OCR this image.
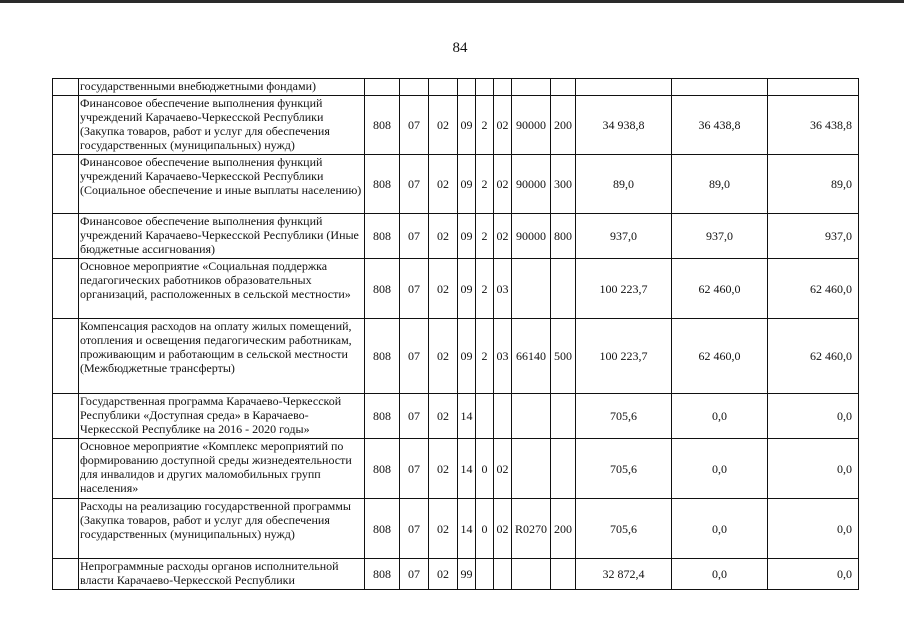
84
	государственными внебюджетными фондами)											
	Финансовое обеспечение выполнения функций учреждений Карачаево-Черкесской Республики (Закупка товаров, работ и услуг для обеспечения государственных (муниципальных) нужд)	808	07	02	09	2	02	90000	200	34 938,8	36 438,8	36 438,8
	Финансовое обеспечение выполнения функций учреждений Карачаево-Черкесской Республики (Социальное обеспечение и иные выплаты населению)	808	07	02	09	2	02	90000	300	89,0	89,0	89,0
	Финансовое обеспечение выполнения функций учреждений Карачаево-Черкесской Республики (Иные бюджетные ассигнования)	808	07	02	09	2	02	90000	800	937,0	937,0	937,0
	Основное мероприятие «Социальная поддержка педагогических работников образовательных организаций, расположенных в сельской местности»	808	07	02	09	2	03			100 223,7	62 460,0	62 460,0
	Компенсация расходов на оплату жилых помещений, отопления и освещения педагогическим работникам, проживающим и работающим в сельской местности (Межбюджетные трансферты)	808	07	02	09	2	03	66140	500	100 223,7	62 460,0	62 460,0
	Государственная программа Карачаево-Черкесской Республики «Доступная среда» в Карачаево-Черкесской Республике на 2016 - 2020 годы»	808	07	02	14					705,6	0,0	0,0
	Основное мероприятие «Комплекс мероприятий по формированию доступной среды жизнедеятельности для инвалидов и других маломобильных групп населения»	808	07	02	14	0	02			705,6	0,0	0,0
	Расходы на реализацию государственной программы (Закупка товаров, работ и услуг для обеспечения государственных (муниципальных) нужд)	808	07	02	14	0	02	R0270	200	705,6	0,0	0,0
	Непрограммные расходы органов исполнительной власти Карачаево-Черкесской Республики	808	07	02	99					32 872,4	0,0	0,0
